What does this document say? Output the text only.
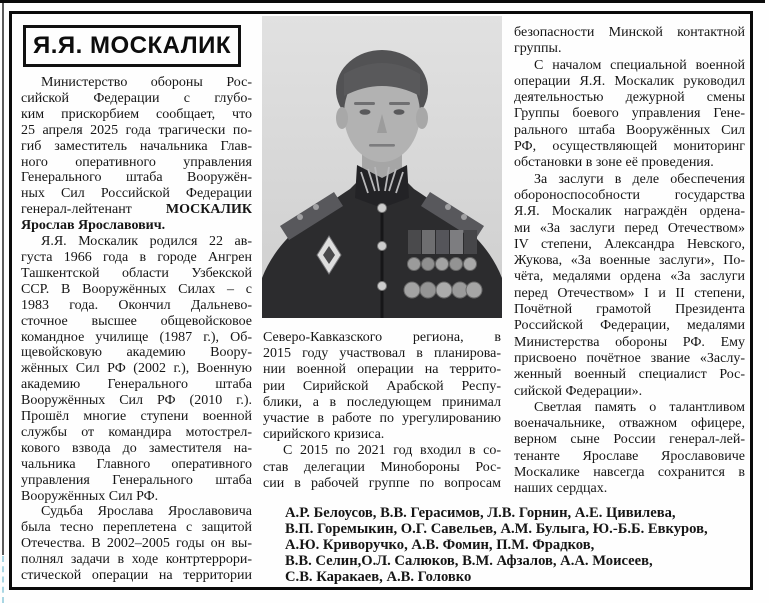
Я.Я. МОСКАЛИК
Министерство обороны Рос-
сийской Федерации с глубо-
ким прискорбием сообщает, что
25 апреля 2025 года трагически по-
гиб заместитель начальника Глав-
ного оперативного управления
Генерального штаба Вооружён-
ных Сил Российской Федерации
генерал-лейтенант МОСКАЛИК
Ярослав Ярославович.
Я.Я. Москалик родился 22 ав-
густа 1966 года в городе Ангрен
Ташкентской области Узбекской
ССР. В Вооружённых Силах – с
1983 года. Окончил Дальнево-
сточное высшее общевойсковое
командное училище (1987 г.), Об-
щевойсковую академию Воору-
жённых Сил РФ (2002 г.), Военную
академию Генерального штаба
Вооружённых Сил РФ (2010 г.).
Прошёл многие ступени военной
службы от командира мотострел-
кового взвода до заместителя на-
чальника Главного оперативного
управления Генерального штаба
Вооружённых Сил РФ.
Судьба Ярослава Ярославовича
была тесно переплетена с защитой
Отечества. В 2002–2005 годы он вы-
полнял задачи в ходе контртеррори-
стической операции на территории
Северо-Кавказского региона, в
2015 году участвовал в планирова-
нии военной операции на террито-
рии Сирийской Арабской Респу-
блики, а в последующем принимал
участие в работе по урегулированию
сирийского кризиса.
С 2015 по 2021 год входил в со-
став делегации Минобороны Рос-
сии в рабочей группе по вопросам
безопасности Минской контактной
группы.
С началом специальной военной
операции Я.Я. Москалик руководил
деятельностью дежурной смены
Группы боевого управления Гене-
рального штаба Вооружённых Сил
РФ, осуществляющей мониторинг
обстановки в зоне её проведения.
За заслуги в деле обеспечения
обороноспособности государства
Я.Я. Москалик награждён ордена-
ми «За заслуги перед Отечеством»
IV степени, Александра Невского,
Жукова, «За военные заслуги», По-
чёта, медалями ордена «За заслуги
перед Отечеством» I и II степени,
Почётной грамотой Президента
Российской Федерации, медалями
Министерства обороны РФ. Ему
присвоено почётное звание «Заслу-
женный военный специалист Рос-
сийской Федерации».
Светлая память о талантливом
военачальнике, отважном офицере,
верном сыне России генерал-лей-
тенанте Ярославе Ярославовиче
Москалике навсегда сохранится в
наших сердцах.
А.Р. Белоусов, В.В. Герасимов, Л.В. Горнин, А.Е. Цивилева,
В.П. Горемыкин, О.Г. Савельев, А.М. Булыга, Ю.-Б.Б. Евкуров,
А.Ю. Криворучко, А.В. Фомин, П.М. Фрадков,
В.В. Селин,О.Л. Салюков, В.М. Афзалов, А.А. Моисеев,
С.В. Каракаев, А.В. Головко
